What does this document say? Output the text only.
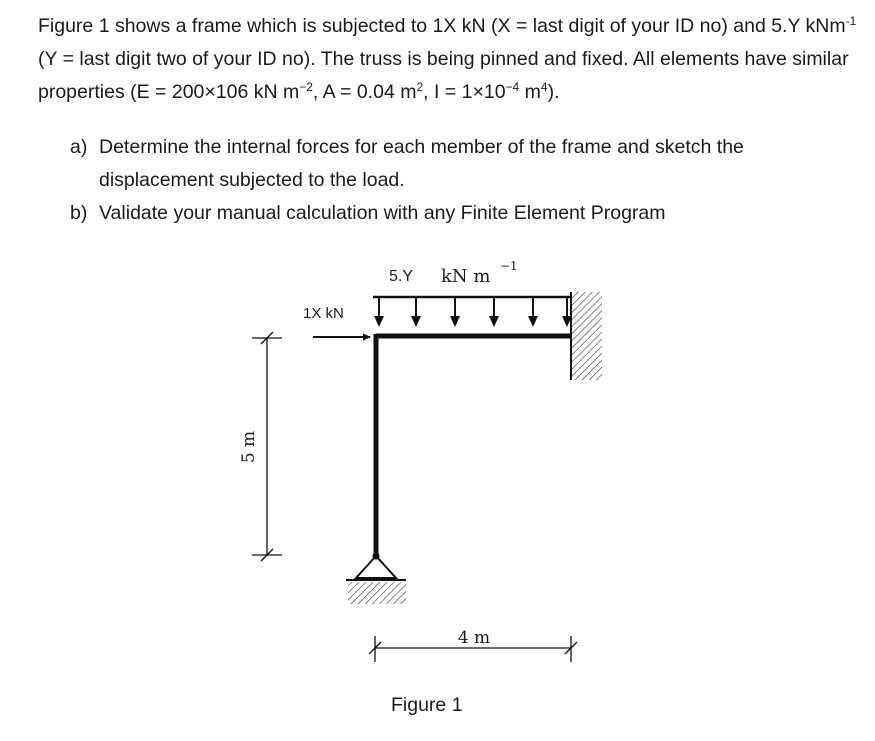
Figure 1 shows a frame which is subjected to 1X kN (X = last digit of your ID no) and 5.Y kNm$^{-1}$ (Y = last digit two of your ID no). The truss is being pinned and fixed. All elements have similar properties (E = 200×106 kN $m^{-2}$, A = 0.04 $m^2$, $I = 1\times 10^{-4}$ $m^4$).

a) Determine the internal forces for each member of the frame and sketch the displacement subjected to the load.
b) Validate your manual calculation with any Finite Element Program
5.Y kN m −1
1X kN
5 m
4 m

Figure 1
